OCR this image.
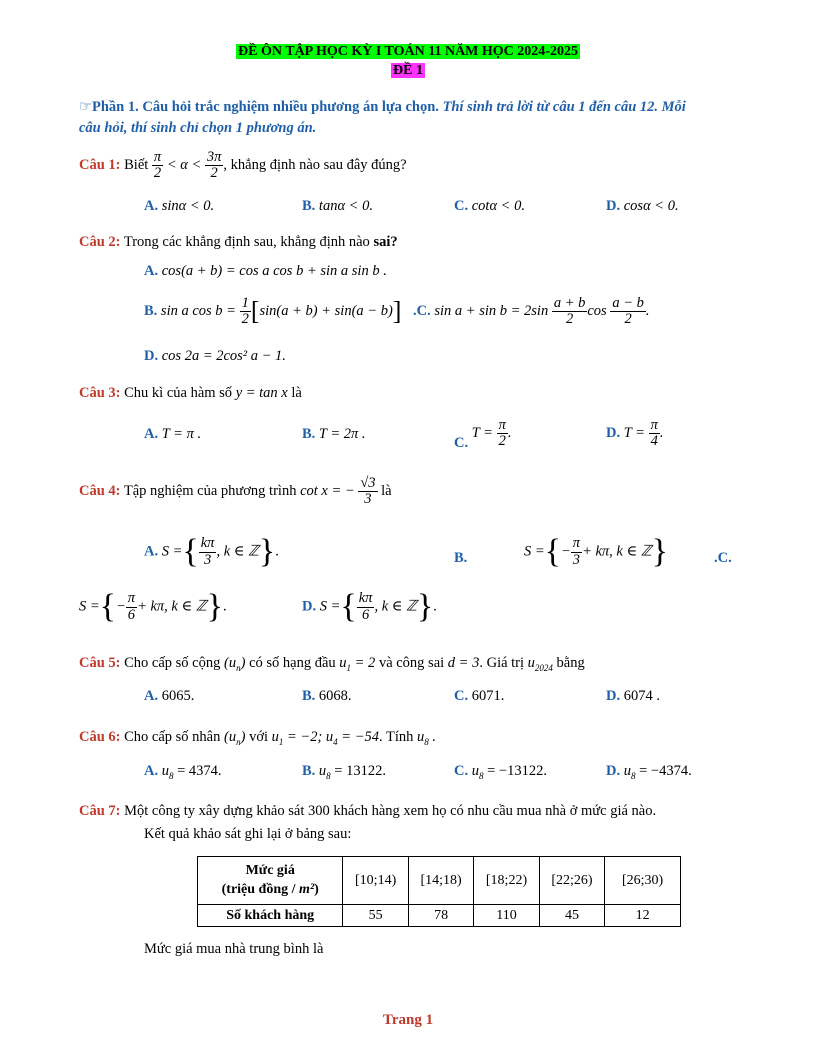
ĐỀ ÔN TẬP HỌC KỲ I TOÁN 11 NĂM HỌC 2024-2025
ĐỀ 1
☞Phần 1. Câu hỏi trắc nghiệm nhiều phương án lựa chọn. Thí sinh trả lời từ câu 1 đến câu 12. Mỗi
câu hỏi, thí sinh chỉ chọn 1 phương án.
Câu 1: Biết $\frac{\pi}{2} < \alpha < \frac{3\pi}{2}$ , khẳng định nào sau đây đúng?
A. sinα < 0.	B. tanα < 0.	C. cotα < 0.	D. cosα < 0.
Câu 2: Trong các khẳng định sau, khẳng định nào sai?
A. cos(a + b) = cos a cos b + sin a sin b .
B. sin a $\cos b = \frac{1}{2} [\sin(a + b) + \sin(a - b)]$ .C. $\sin a + \sin b = 2\sin \frac{a + b}{2}$ $\cos \frac{a - b}{2}$ .
D. cos 2a = 2cos² a − 1.
Câu 3: Chu kì của hàm số y = tan x là
A. T = π .	B. T = 2π .
C. $T = \frac{\pi}{2}$ .	D. $T = \frac{\pi}{4}$ .
Câu 4: Tập nghiệm của phương trình cot x = − $\frac{√3}{3}$ là
A. S ={ $\frac{k\pi}{3}$ , k ∈ ℤ}.	B.	S ={− $\frac{\pi}{3} + k\pi$, k ∈ ℤ}	.C.
S ={− $\frac{\pi}{6} + k\pi$, k ∈ ℤ}.	D. S ={ $\frac{k\pi}{6}$ , k ∈ ℤ}.
Câu 5: Cho cấp số cộng $(u_n)$ có số hạng đầu $u_1 = 2$ và công sai d = 3. Giá trị $u_{2024}$ bằng
A. 6065.	B. 6068.	C. 6071.	D. 6074 .
Câu 6: Cho cấp số nhân $(u_n)$ với $u_1 = -2$; $u_4 = -54$. Tính $u_8$ .
A. $u_8 = 4374$.	B. $u_8 = 13122$.	C. $u_8 = -13122$.	D. $u_8 = -4374$.
Câu 7: Một công ty xây dựng khảo sát 300 khách hàng xem họ có nhu cầu mua nhà ở mức giá nào.
Kết quả khảo sát ghi lại ở bảng sau:
Mức giá
(triệu đồng / m²)	[10;14)	[14;18)	[18;22)	[22;26)	[26;30)
Số khách hàng	55	78	110	45	12
Mức giá mua nhà trung bình là
Trang 1
